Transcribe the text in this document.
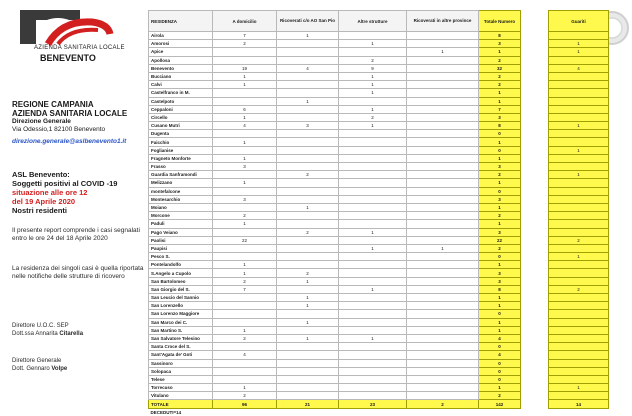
AZIENDA SANITARIA LOCALE
BENEVENTO
REGIONE CAMPANIA
AZIENDA SANITARIA LOCALE
Direzione Generale
Via Odessio,1 82100 Benevento
direzione.generale@aslbenevento1.it
ASL Benevento:
Soggetti positivi al COVID -19
situazione alle ore 12
del 19 Aprile 2020
Nostri residenti
Il presente report comprende i casi segnalati entro le ore 24 del 18 Aprile 2020
La residenza dei singoli casi è quella riportata nelle notifiche delle strutture di ricovero
Direttore U.O.C. SEP
Dott.ssa Annarita Citarella
Direttore Generale
Dott. Gennaro Volpe
RESIDENZA	A domicilio	Ricoverati c/o AO San Pio	Altre strutture	Ricoverati in altre province	Totale Numero		Guariti
Airola	7	1			8		
Amorosi	2		1		3		1
Apice				1	1		1
Apollosa			2		2		
Benevento	19	4	9		32		4
Bucciano	1		1		2		
Calvi	1		1		2		
Castelfranco in M.			1		1		
Castelpoto		1			1		
Ceppaloni	6		1		7		
Circello	1		2		3		
Cusano Mutri	4	3	1		8		1
Dugenta					0		
Faicchio	1				1		
Foglianise					0		1
Fragneto Monforte	1				1		
Frasso	3				3		
Guardia Sanframondi		2			2		1
Melizzano	1				1		
montefalcone					0		
Montesarchio	3				3		
Moiano		1			1		
Morcone	2				2		
Paduli	1				1		
Pago Veiano		2	1		3		
Paolisi	22				22		2
Paupisi			1	1	2		
Pesco S.					0		1
Pontelandolfo	1				1		
S.Angelo a Cupolo	1	2			3		
San Bartolomeo	2	1			3		
San Giorgio del S.	7		1		8		2
San Leucio del Sannio		1			1		
San Lorenzello		1			1		
San Lorenzo Maggiore					0		
San Marco dei C.		1			1		
San Martino S.	1				1		
San Salvatore Telesino	2	1	1		4		
Santa Croce del S.					0		
Sant'Agata de' Goti	4				4		
Sassinoro					0		
Solopaca					0		
Telese					0		
Torrecuso	1				1		1
Vitulano	2				2		
TOTALE	96	21	23	2	142		14
DECEDUTI=14							
